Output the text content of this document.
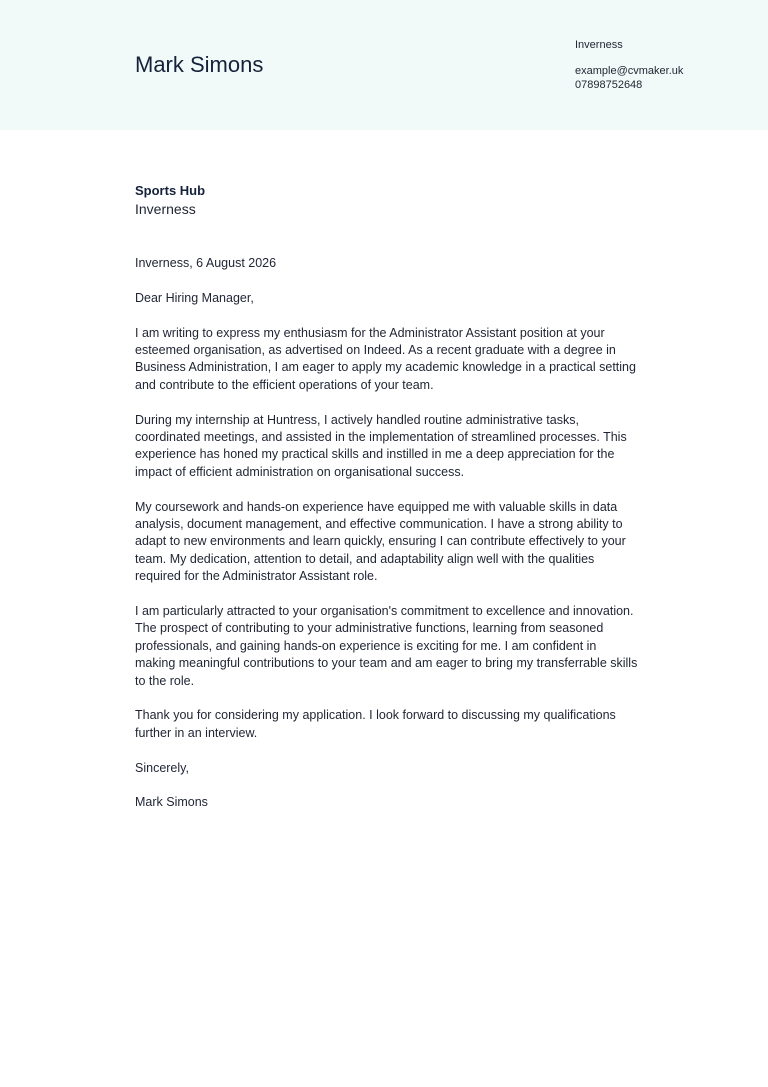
Mark Simons
Inverness
example@cvmaker.uk
07898752648
Sports Hub
Inverness

Inverness, 6 August 2026

Dear Hiring Manager,

I am writing to express my enthusiasm for the Administrator Assistant position at your esteemed organisation, as advertised on Indeed. As a recent graduate with a degree in Business Administration, I am eager to apply my academic knowledge in a practical setting and contribute to the efficient operations of your team.

During my internship at Huntress, I actively handled routine administrative tasks, coordinated meetings, and assisted in the implementation of streamlined processes. This experience has honed my practical skills and instilled in me a deep appreciation for the impact of efficient administration on organisational success.

My coursework and hands-on experience have equipped me with valuable skills in data analysis, document management, and effective communication. I have a strong ability to adapt to new environments and learn quickly, ensuring I can contribute effectively to your team. My dedication, attention to detail, and adaptability align well with the qualities required for the Administrator Assistant role.

I am particularly attracted to your organisation's commitment to excellence and innovation. The prospect of contributing to your administrative functions, learning from seasoned professionals, and gaining hands-on experience is exciting for me. I am confident in making meaningful contributions to your team and am eager to bring my transferrable skills to the role.

Thank you for considering my application. I look forward to discussing my qualifications further in an interview.

Sincerely,

Mark Simons
